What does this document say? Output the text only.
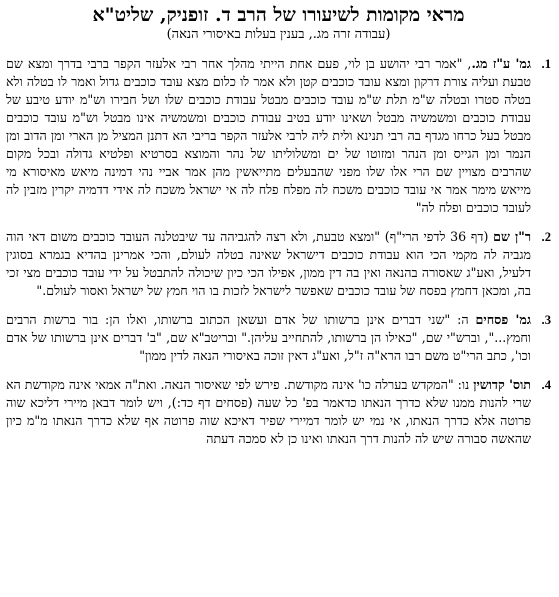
מראי מקומות לשיעורו של הרב ד. זופניק, שליט"א
(עבודה זרה מג., בענין בעלות באיסורי הנאה)
1.
גמ' ע"ז מג., "אמר רבי יהושע בן לוי, פעם אחת הייתי מהלך אחר רבי אלעזר הקפר ברבי בדרך ומצא שם טבעת ועליה צורת דרקון ומצא עובד כוכבים קטן ולא אמר לו כלום מצא עובד כוכבים גדול ואמר לו בטלה ולא בטלה סטרו ובטלה ש"מ תלת ש"מ עובד כוכבים מבטל עבודת כוכבים שלו ושל חבירו וש"מ יודע טיבע של עבודת כוכבים ומשמשיה מבטל ושאינו יודע בטיב עבודת כוכבים ומשמשיה אינו מבטל וש"מ עובד כוכבים מבטל בעל כרחו מגדף בה רבי תנינא ולית ליה לרבי אלעזר הקפר בריבי הא דתנן המציל מן הארי ומן הדוב ומן הנמר ומן הגייס ומן הנהר ומזוטו של ים ומשלוליתו של נהר והמוצא בסרטיא ופלטיא גדולה ובכל מקום שהרבים מצויין שם הרי אלו שלו מפני שהבעלים מתייאשין מהן אמר אביי נהי דמינה מיאש מאיסורא מי מייאש מימר אמר אי עובד כוכבים משכח לה מפלח פלח לה אי ישראל משכח לה אידי דדמיה יקרין מזבין לה לעובד כוכבים ופלח לה"
2.
ר"ן שם (דף 36 לדפי הרי"ף) "ומצא טבעת, ולא רצה להגביהה עד שיבטלנה העובד כוכבים משום דאי הוה מגביה לה מקמי הכי הוא עבודת כוכבים דישראל שאינה בטלה לעולם, והכי אמרינן בהדיא בגמרא בסוגין דלעיל, ואע"ג שאסורה בהנאה ואין בה דין ממון, אפילו הכי כיון שיכולה להתבטל על ידי עובד כוכבים מצי זכי בה, ומכאן דחמץ בפסח של עובד כוכבים שאפשר לישראל לזכות בו הוי חמץ של ישראל ואסור לעולם."
3.
גמ' פסחים ה: "שני דברים אינן ברשותו של אדם ועשאן הכתוב ברשותו, ואלו הן: בור ברשות הרבים וחמץ...", וברש"י שם, "כאילו הן ברשותו, להתחייב עליהן." ובריטב"א שם, "ב' דברים אינן ברשותו של אדם וכו', כתב הרי"ט משם רבו הרא"ה ז"ל, ואע"ג דאין זוכה באיסורי הנאה לדין ממון"
4.
תוס' קדושין נו: "המקדש בערלה כו' אינה מקודשת. פירש לפי שאיסור הנאה. ואת"ה אמאי אינה מקודשת הא שרי להנות ממנו שלא כדרך הנאתו כדאמר בפ' כל שעה (פסחים דף כד:), ויש לומר דבאן מיירי דליכא שוה פרוטה אלא כדרך הנאתו, אי נמי יש לומר דמיירי שפיר דאיכא שוה פרוטה אף שלא כדרך הנאתו מ"מ כיון שהאשה סבורה שיש לה להנות דרך הנאתו ואינו כן לא סמכה דעתה
